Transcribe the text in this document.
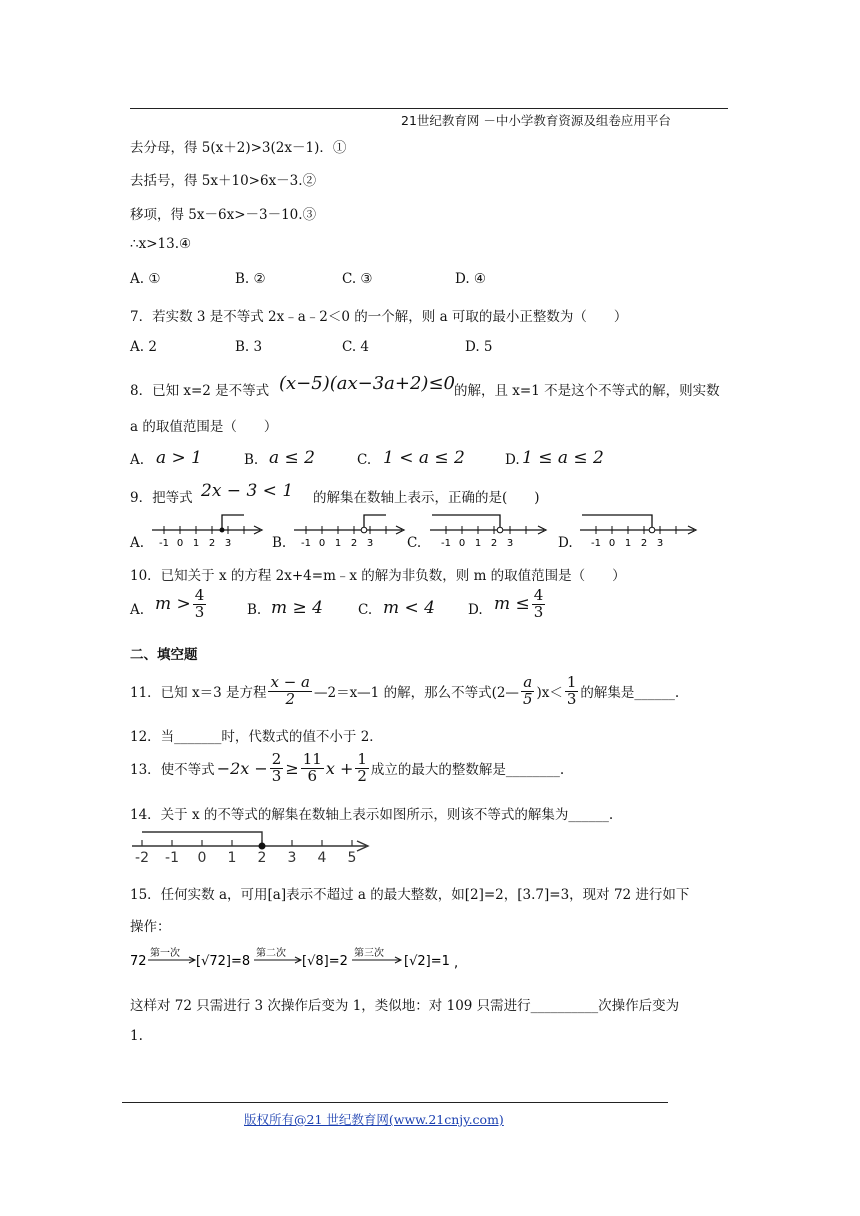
21世纪教育网 －中小学教育资源及组卷应用平台
去分母，得 5(x＋2)>3(2x－1)．①
去括号，得 5x＋10>6x－3.②
移项，得 5x－6x>－3－10.③
∴x>13.④
A. ①	B. ②	C. ③	D. ④
7．若实数 3 是不等式 2x﹣a﹣2＜0 的一个解，则 a 可取的最小正整数为（　　）
A. 2	B. 3	C. 4	D. 5
8．已知 x=2 是不等式 (x−5)(ax−3a+2)≤0 的解，且 x=1 不是这个不等式的解，则实数
a 的取值范围是（　　）
A. a > 1	B. a ≤ 2	C. 1 < a ≤ 2	D. 1 ≤ a ≤ 2
9．把等式 2x − 3 < 1 的解集在数轴上表示，正确的是(　　)
A.	B.	C.	D.
-1 0 1 2 3	-1 0 1 2 3	-1 0 1 2 3	-1 0 1 2 3
10．已知关于 x 的方程 2x+4=m﹣x 的解为非负数，则 m 的取值范围是（　　）
A. $m > \frac{4}{3}$	B. m ≥ 4	C. m < 4 D. $m \le \frac{4}{3}$
二、填空题
11．已知 x＝3 是方程 $\frac{x - a}{2}$ —2＝x—1 的解，那么不等式(2— $\frac{a}{5} )x< \frac{1}{3}$ 的解集是______.
12．当_______时，代数式的值不小于 2．
13．使不等式 $-2x - \frac{2}{3} \ge \frac{11}{6}$ $x + \frac{1}{2}$ 成立的最大的整数解是________.
14．关于 x 的不等式的解集在数轴上表示如图所示，则该不等式的解集为______.
-2 -1 0 1 2 3 4 5
15．任何实数 a，可用[a]表示不超过 a 的最大整数，如[2]=2，[3.7]=3，现对 72 进行如下
操作：
72
第一次
[√72]=8
第二次
[√8]=2
第三次
[√2]=1 ,
这样对 72 只需进行 3 次操作后变为 1，类似地：对 109 只需进行__________次操作后变为
1.
版权所有@21 世纪教育网(www.21cnjy.com)
